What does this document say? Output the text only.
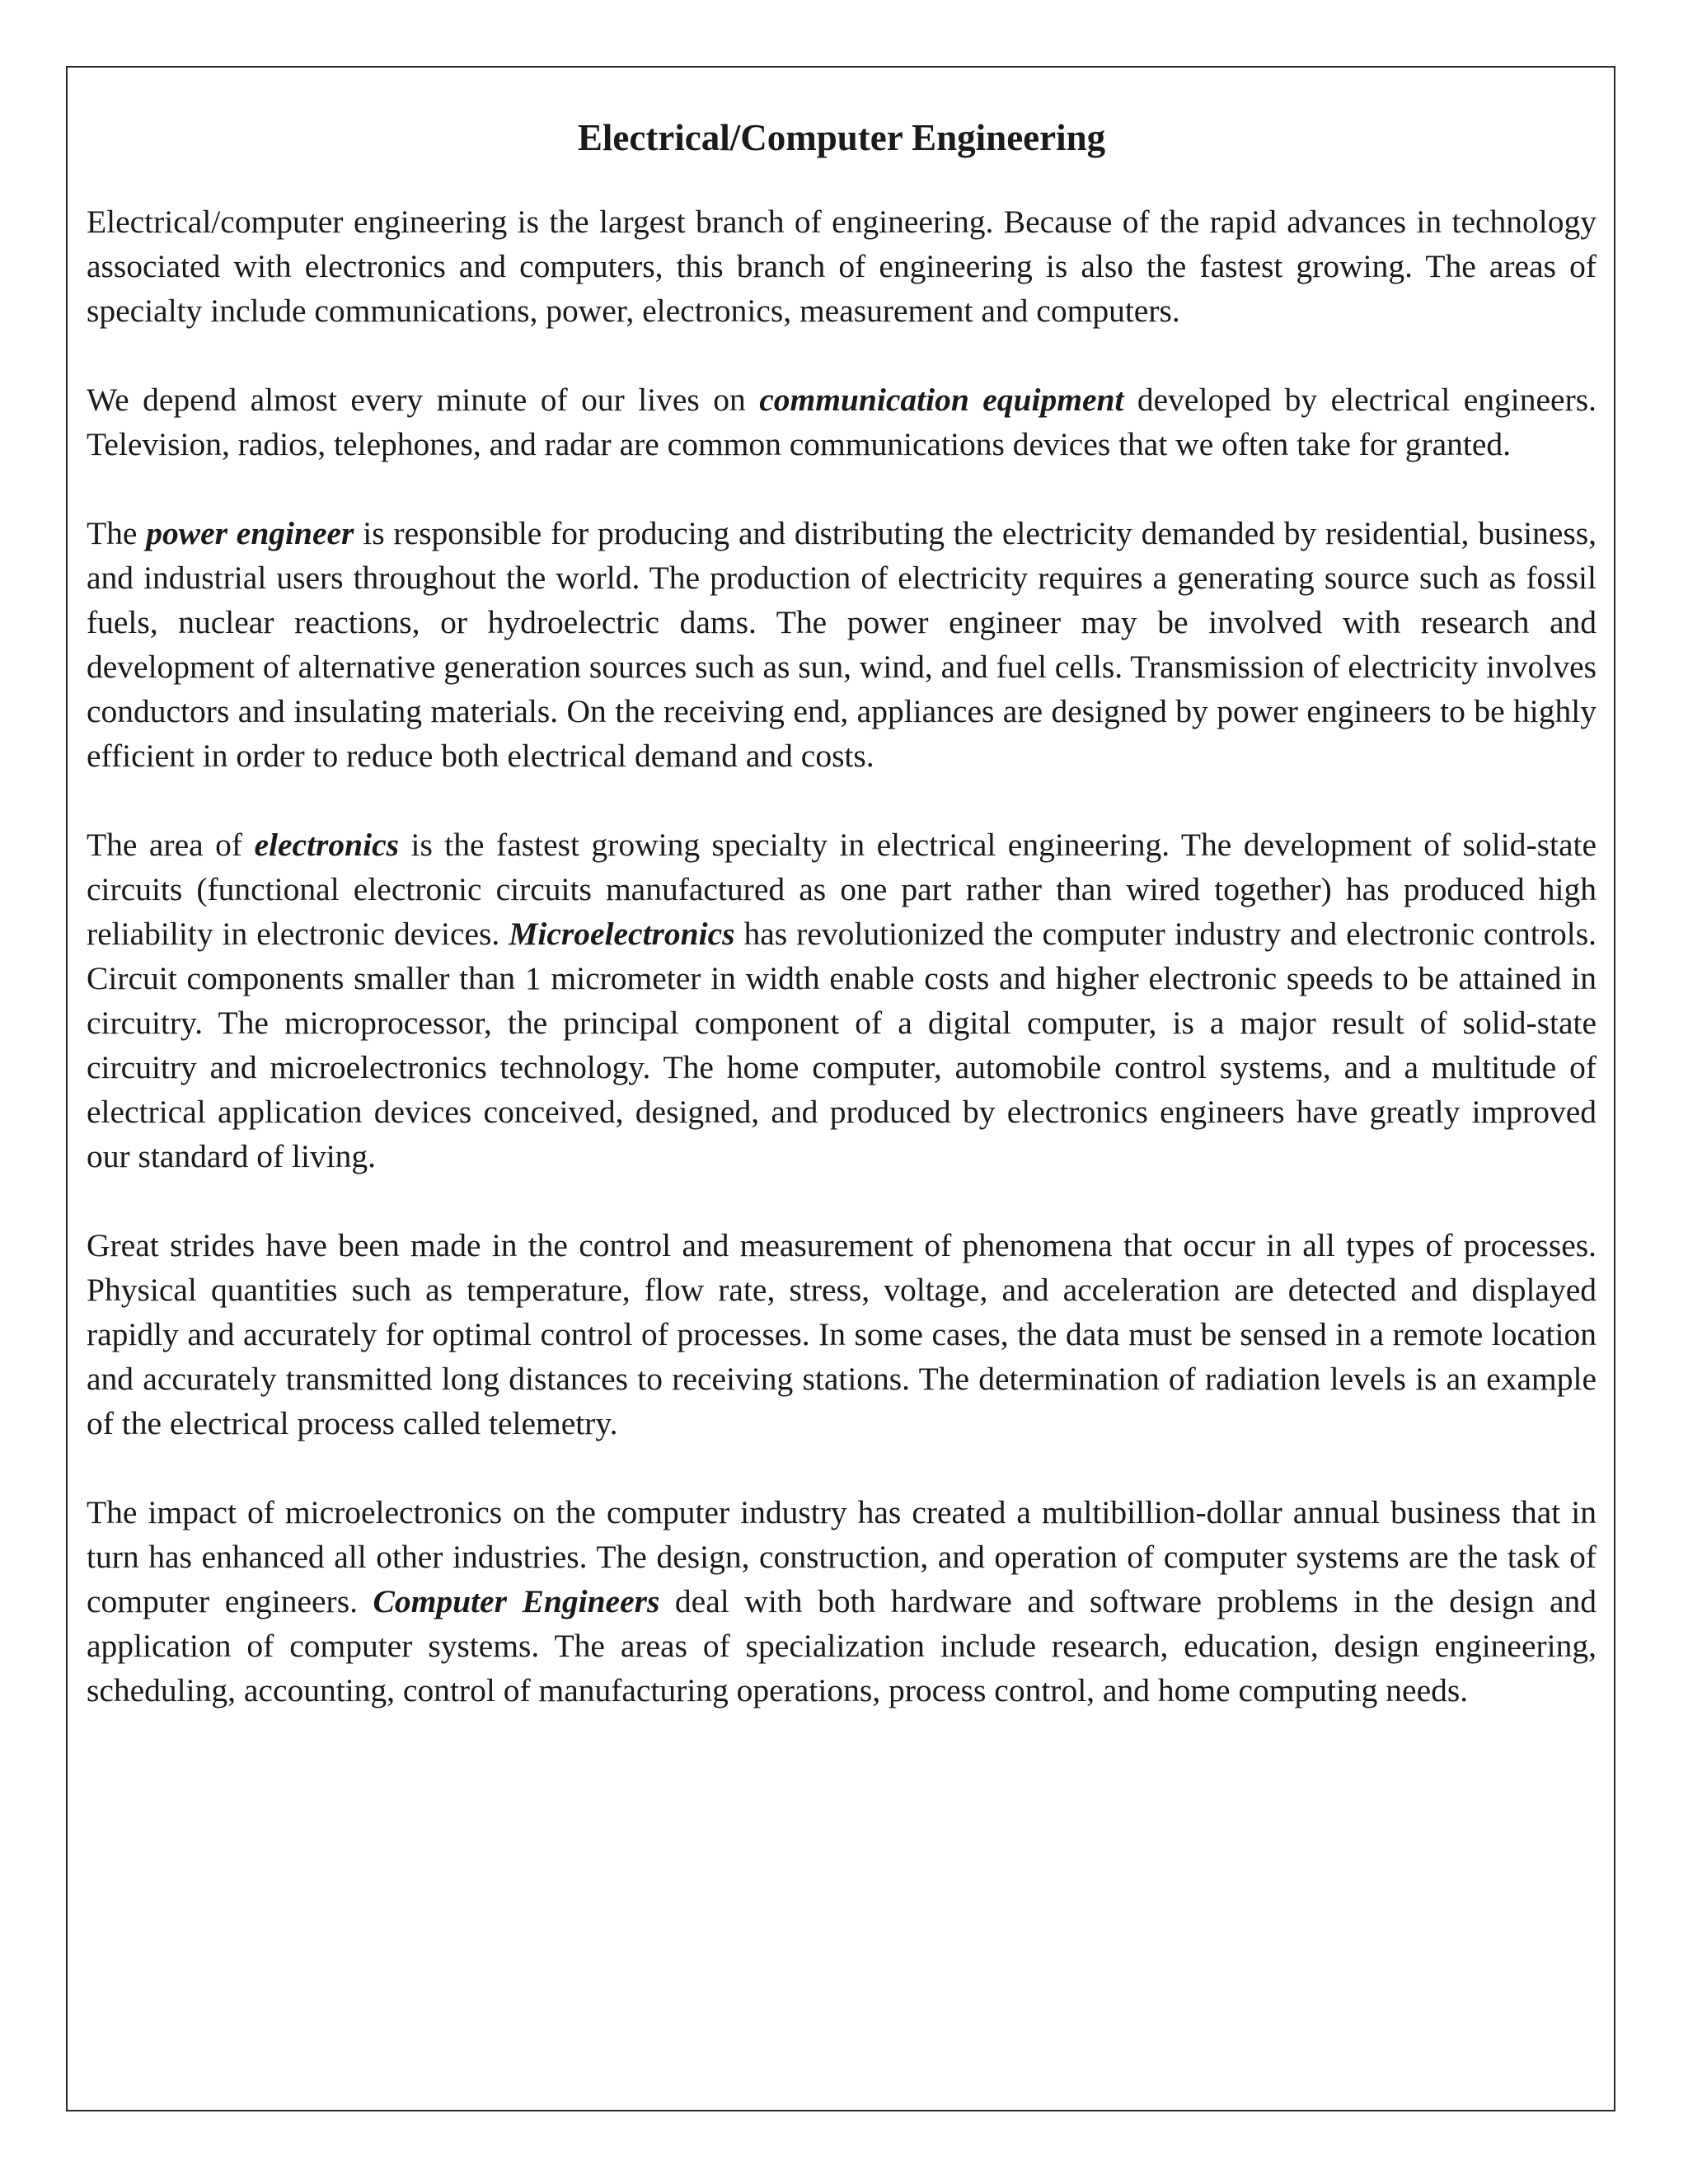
Electrical/Computer Engineering

Electrical/computer engineering is the largest branch of engineering. Because of the rapid advances in technology associated with electronics and computers, this branch of engineering is also the fastest growing. The areas of specialty include communications, power, electronics, measurement and computers.

We depend almost every minute of our lives on communication equipment developed by electrical engineers. Television, radios, telephones, and radar are common communications devices that we often take for granted.

The power engineer is responsible for producing and distributing the electricity demanded by residential, business, and industrial users throughout the world. The production of electricity requires a generating source such as fossil fuels, nuclear reactions, or hydroelectric dams. The power engineer may be involved with research and development of alternative generation sources such as sun, wind, and fuel cells. Transmission of electricity involves conductors and insulating materials. On the receiving end, appliances are designed by power engineers to be highly efficient in order to reduce both electrical demand and costs.

The area of electronics is the fastest growing specialty in electrical engineering. The development of solid-state circuits (functional electronic circuits manufactured as one part rather than wired together) has produced high reliability in electronic devices. Microelectronics has revolutionized the computer industry and electronic controls. Circuit components smaller than 1 micrometer in width enable costs and higher electronic speeds to be attained in circuitry. The microprocessor, the principal component of a digital computer, is a major result of solid-state circuitry and microelectronics technology. The home computer, automobile control systems, and a multitude of electrical application devices conceived, designed, and produced by electronics engineers have greatly improved our standard of living.

Great strides have been made in the control and measurement of phenomena that occur in all types of processes. Physical quantities such as temperature, flow rate, stress, voltage, and acceleration are detected and displayed rapidly and accurately for optimal control of processes. In some cases, the data must be sensed in a remote location and accurately transmitted long distances to receiving stations. The determination of radiation levels is an example of the electrical process called telemetry.

The impact of microelectronics on the computer industry has created a multibillion-dollar annual business that in turn has enhanced all other industries. The design, construction, and operation of computer systems are the task of computer engineers. Computer Engineers deal with both hardware and software problems in the design and application of computer systems. The areas of specialization include research, education, design engineering, scheduling, accounting, control of manufacturing operations, process control, and home computing needs.
